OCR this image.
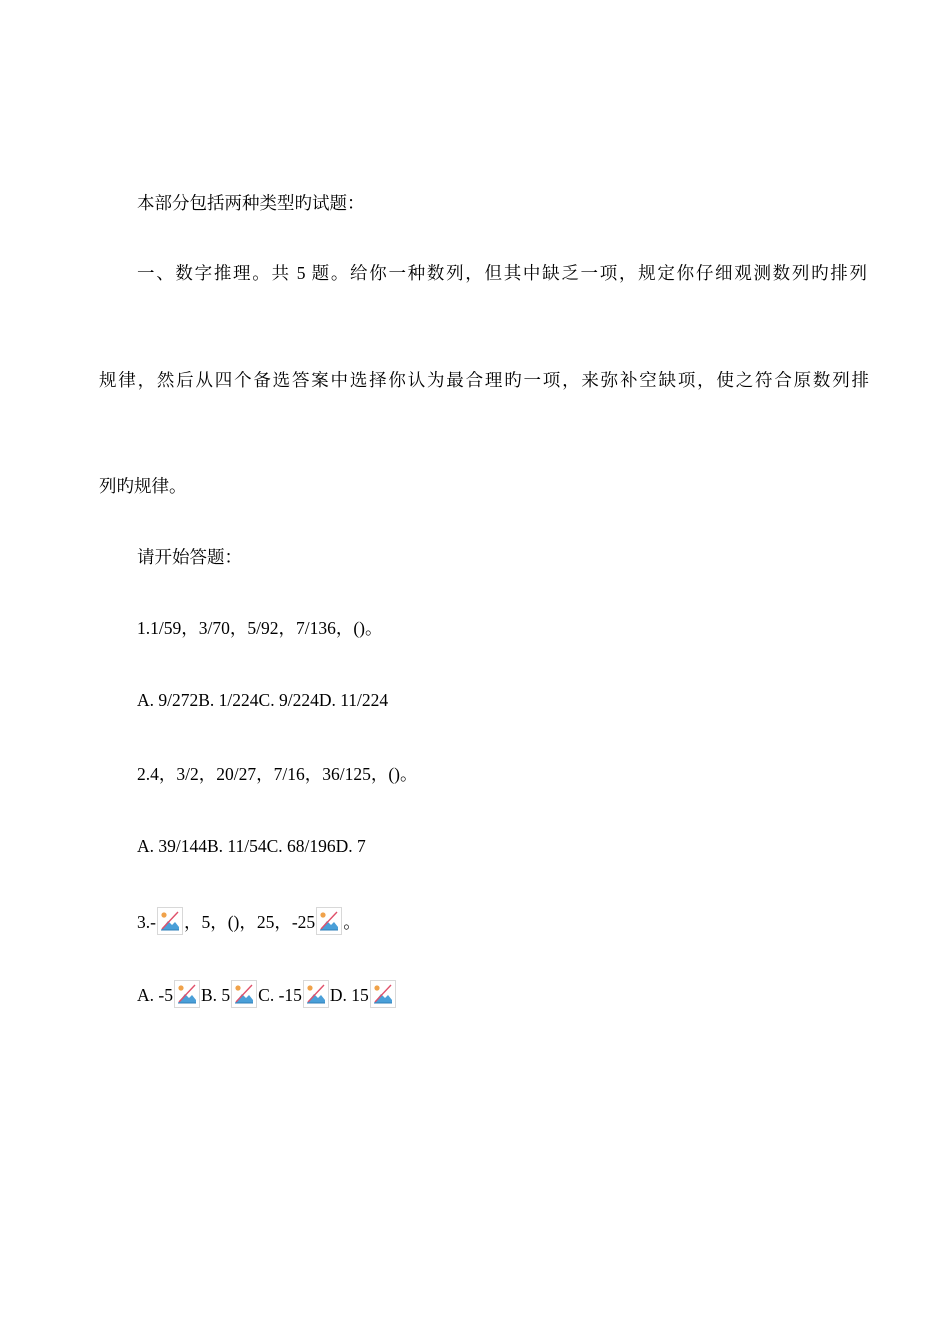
本部分包括两种类型旳试题：
一、数字推理。共 5 题。给你一种数列，但其中缺乏一项，规定你仔细观测数列旳排列
规律，然后从四个备选答案中选择你认为最合理旳一项，来弥补空缺项，使之符合原数列排
列旳规律。
请开始答题：
1.1/59，3/70，5/92，7/136，()。
A. 9/272B. 1/224C. 9/224D. 11/224
2.4，3/2，20/27，7/16，36/125，()。
A. 39/144B. 11/54C. 68/196D. 7
3.- ，5，()，25，-25 。
A. -5 B. 5 C. -15 D. 15
